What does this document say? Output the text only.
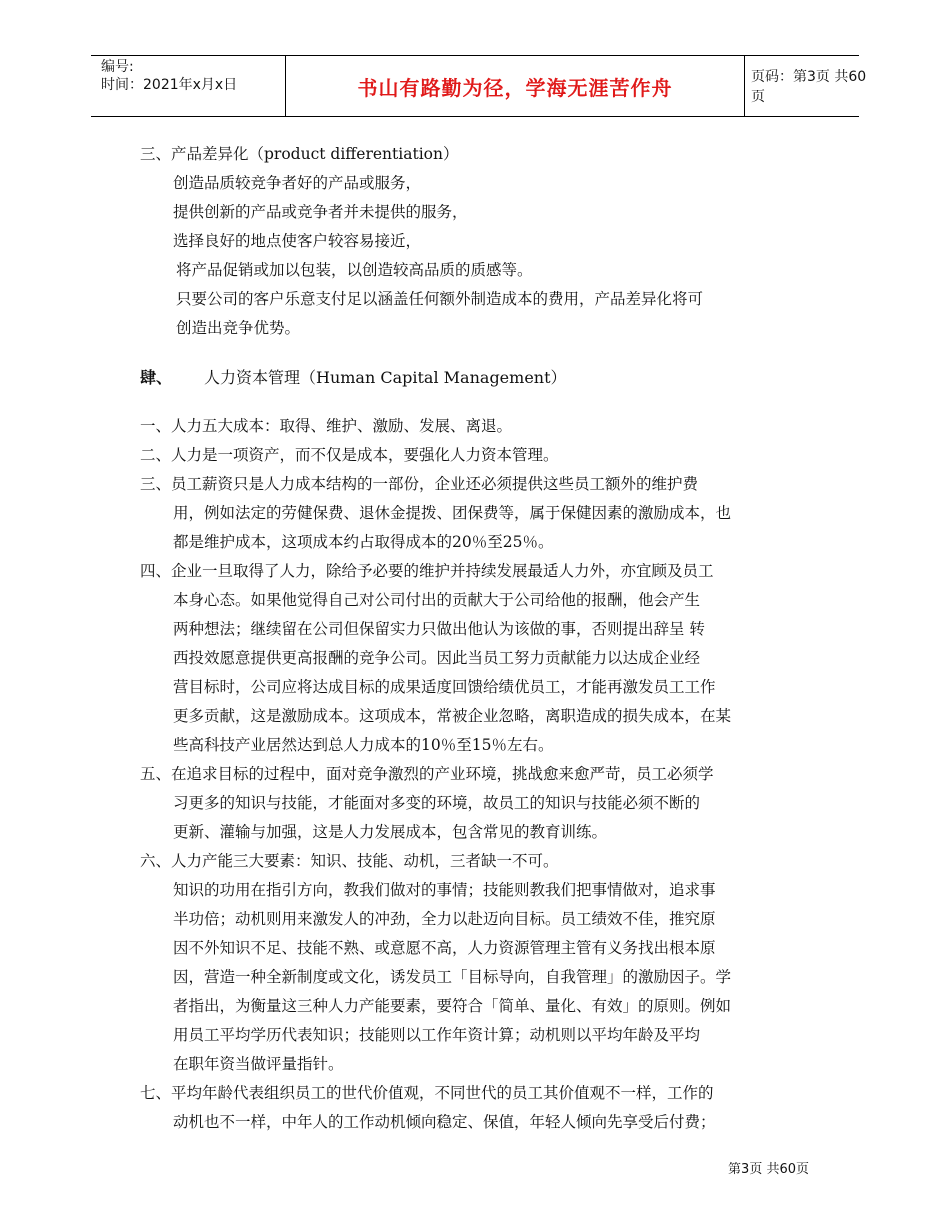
编号:
时间：2021年x月x日	书山有路勤为径，学海无涯苦作舟	页码：第3页 共60页
三、产品差异化（product differentiation）
创造品质较竞争者好的产品或服务，
提供创新的产品或竞争者并未提供的服务，
选择良好的地点使客户较容易接近，
将产品促销或加以包装，以创造较高品质的质感等。
只要公司的客户乐意支付足以涵盖任何额外制造成本的费用，产品差异化将可
创造出竞争优势。
肆、 人力资本管理（Human Capital Management）
一、人力五大成本：取得、维护、激励、发展、离退。
二、人力是一项资产，而不仅是成本，要强化人力资本管理。
三、员工薪资只是人力成本结构的一部份，企业还必须提供这些员工额外的维护费
用，例如法定的劳健保费、退休金提拨、团保费等，属于保健因素的激励成本，也
都是维护成本，这项成本约占取得成本的20％至25％。
四、企业一旦取得了人力，除给予必要的维护并持续发展最适人力外，亦宜顾及员工
本身心态。如果他觉得自己对公司付出的贡献大于公司给他的报酬，他会产生
两种想法；继续留在公司但保留实力只做出他认为该做的事，否则提出辞呈 转
西投效愿意提供更高报酬的竞争公司。因此当员工努力贡献能力以达成企业经
营目标时，公司应将达成目标的成果适度回馈给绩优员工，才能再激发员工工作
更多贡献，这是激励成本。这项成本，常被企业忽略，离职造成的损失成本，在某
些高科技产业居然达到总人力成本的10％至15％左右。
五、在追求目标的过程中，面对竞争激烈的产业环境，挑战愈来愈严苛，员工必须学
习更多的知识与技能，才能面对多变的环境，故员工的知识与技能必须不断的
更新、灌输与加强，这是人力发展成本，包含常见的教育训练。
六、人力产能三大要素：知识、技能、动机，三者缺一不可。
知识的功用在指引方向，教我们做对的事情；技能则教我们把事情做对，追求事
半功倍；动机则用来激发人的冲劲，全力以赴迈向目标。员工绩效不佳，推究原
因不外知识不足、技能不熟、或意愿不高，人力资源管理主管有义务找出根本原
因，营造一种全新制度或文化，诱发员工「目标导向，自我管理」的激励因子。学
者指出，为衡量这三种人力产能要素，要符合「简单、量化、有效」的原则。例如
用员工平均学历代表知识；技能则以工作年资计算；动机则以平均年龄及平均
在职年资当做评量指针。
七、平均年龄代表组织员工的世代价值观，不同世代的员工其价值观不一样，工作的
动机也不一样，中年人的工作动机倾向稳定、保值，年轻人倾向先享受后付费；
第3页 共60页
